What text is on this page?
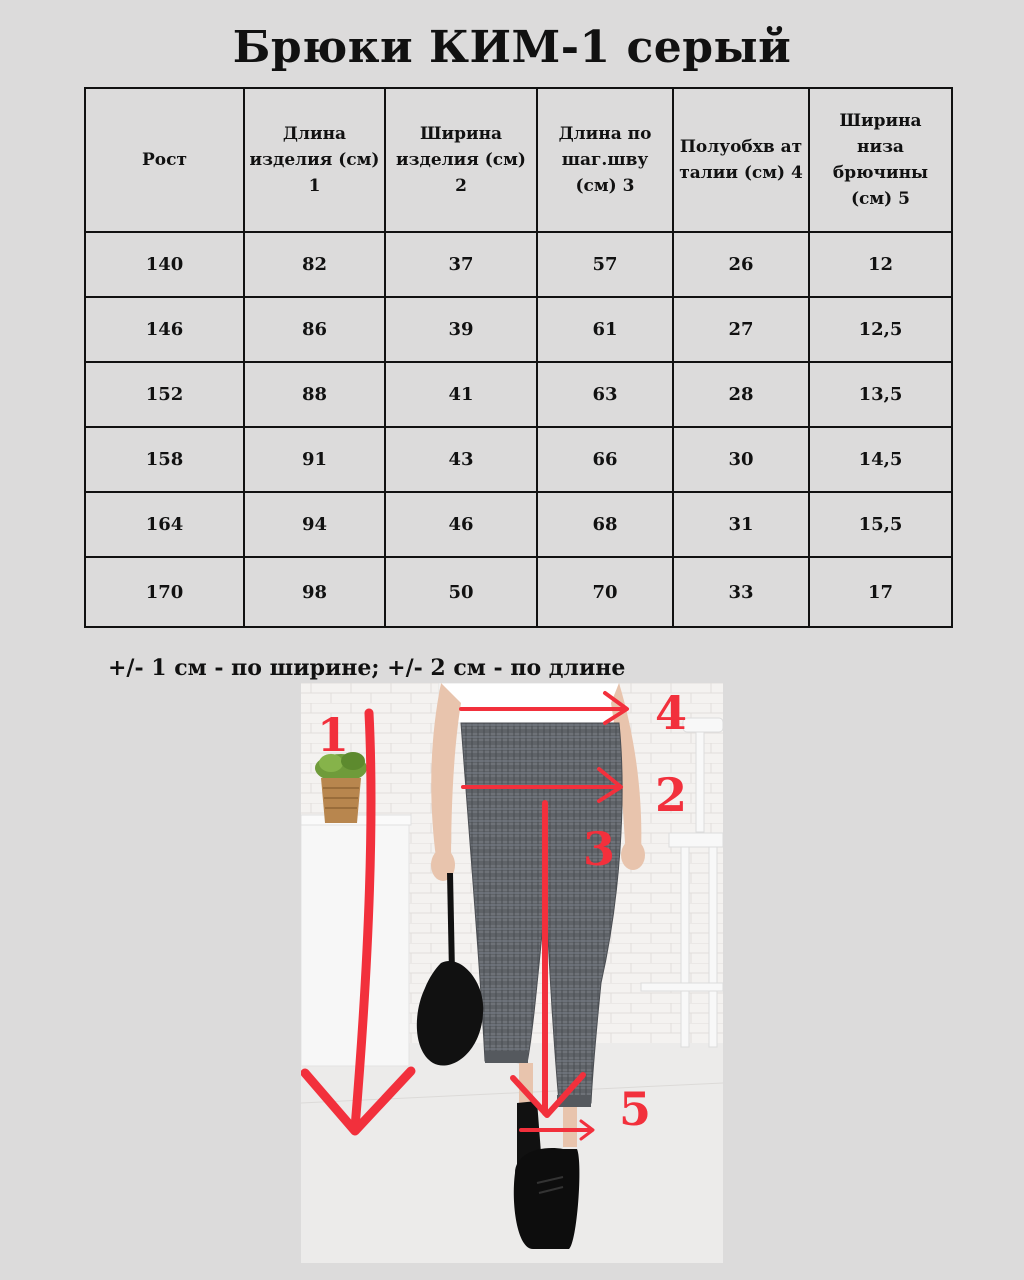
Брюки КИМ-1 серый
Рост	Длина изделия (см) 1	Ширина изделия (см) 2	Длина по шаг.шву (см) 3	Полуобхв ат талии (см) 4	Ширина низа брючины (см) 5
140	82	37	57	26	12
146	86	39	61	27	12,5
152	88	41	63	28	13,5
158	91	43	66	30	14,5
164	94	46	68	31	15,5
170	98	50	70	33	17
+/- 1 см - по ширине; +/- 2 см - по длине
1
2
3
4
5
